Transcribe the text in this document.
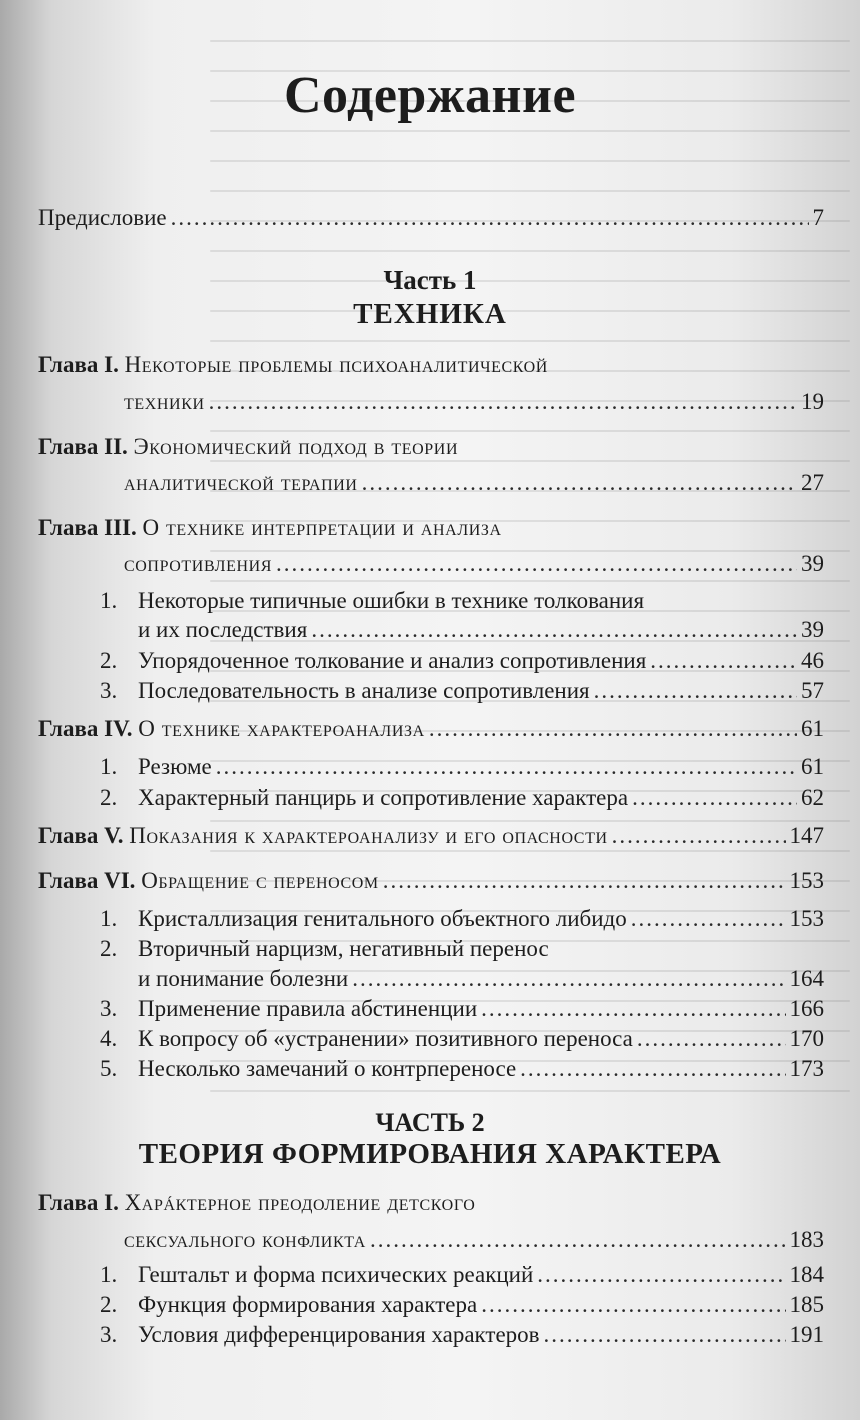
Содержание
Предисловие .....	7
Часть 1
ТЕХНИКА
Глава I. Некоторые проблемы психоаналитической
техники .....	19
Глава II. Экономический подход в теории
аналитической терапии .....	27
Глава III. О технике интерпретации и анализа
сопротивления .....	39
1. Некоторые типичные ошибки в технике толкования
и их последствия .....	39
2. Упорядоченное толкование и анализ сопротивления .....	46
3. Последовательность в анализе сопротивления .....	57
Глава IV. О технике характероанализа .....	61
1. Резюме .....	61
2. Характерный панцирь и сопротивление характера .....	62
Глава V. Показания к характероанализу и его опасности .....	147
Глава VI. Обращение с переносом .....	153
1. Кристаллизация генитального объектного либидо .....	153
2. Вторичный нарцизм, негативный перенос
и понимание болезни .....	164
3. Применение правила абстиненции .....	166
4. К вопросу об «устранении» позитивного переноса .....	170
5. Несколько замечаний о контрпереносе .....	173
ЧАСТЬ 2
ТЕОРИЯ ФОРМИРОВАНИЯ ХАРАКТЕРА
Глава I. Харáктерное преодоление детского
сексуального конфликта .....	183
1. Гештальт и форма психических реакций .....	184
2. Функция формирования характера .....	185
3. Условия дифференцирования характеров .....	191
